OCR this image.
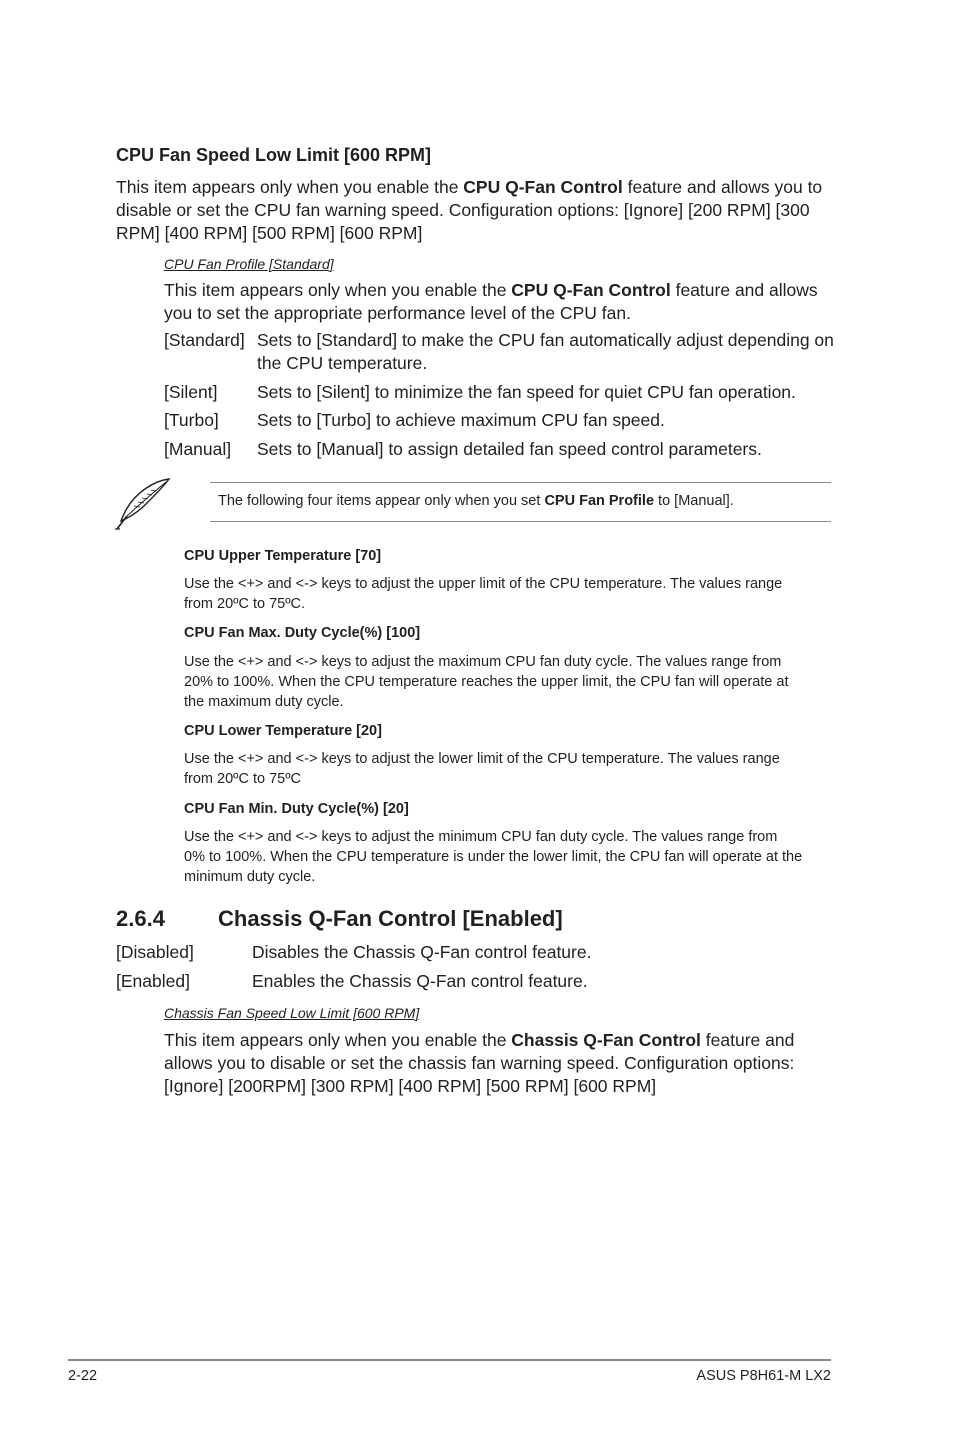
CPU Fan Speed Low Limit [600 RPM]
This item appears only when you enable the CPU Q-Fan Control feature and allows you to
disable or set the CPU fan warning speed. Configuration options: [Ignore] [200 RPM] [300
RPM] [400 RPM] [500 RPM] [600 RPM]
CPU Fan Profile [Standard]
This item appears only when you enable the CPU Q-Fan Control feature and allows
you to set the appropriate performance level of the CPU fan.
[Standard] Sets to [Standard] to make the CPU fan automatically adjust depending on the CPU temperature.
[Silent] Sets to [Silent] to minimize the fan speed for quiet CPU fan operation.
[Turbo] Sets to [Turbo] to achieve maximum CPU fan speed.
[Manual] Sets to [Manual] to assign detailed fan speed control parameters.
The following four items appear only when you set CPU Fan Profile to [Manual].
CPU Upper Temperature [70]
Use the <+> and <-> keys to adjust the upper limit of the CPU temperature. The values range
from 20ºC to 75ºC.
CPU Fan Max. Duty Cycle(%) [100]
Use the <+> and <-> keys to adjust the maximum CPU fan duty cycle. The values range from
20% to 100%. When the CPU temperature reaches the upper limit, the CPU fan will operate at
the maximum duty cycle.
CPU Lower Temperature [20]
Use the <+> and <-> keys to adjust the lower limit of the CPU temperature. The values range
from 20ºC to 75ºC
CPU Fan Min. Duty Cycle(%) [20]
Use the <+> and <-> keys to adjust the minimum CPU fan duty cycle. The values range from
0% to 100%. When the CPU temperature is under the lower limit, the CPU fan will operate at the
minimum duty cycle.
2.6.4 Chassis Q-Fan Control [Enabled]
[Disabled]	Disables the Chassis Q-Fan control feature.
[Enabled]	Enables the Chassis Q-Fan control feature.
Chassis Fan Speed Low Limit [600 RPM]
This item appears only when you enable the Chassis Q-Fan Control feature and
allows you to disable or set the chassis fan warning speed. Configuration options:
[Ignore] [200RPM] [300 RPM] [400 RPM] [500 RPM] [600 RPM]
2-22	ASUS P8H61-M LX2
